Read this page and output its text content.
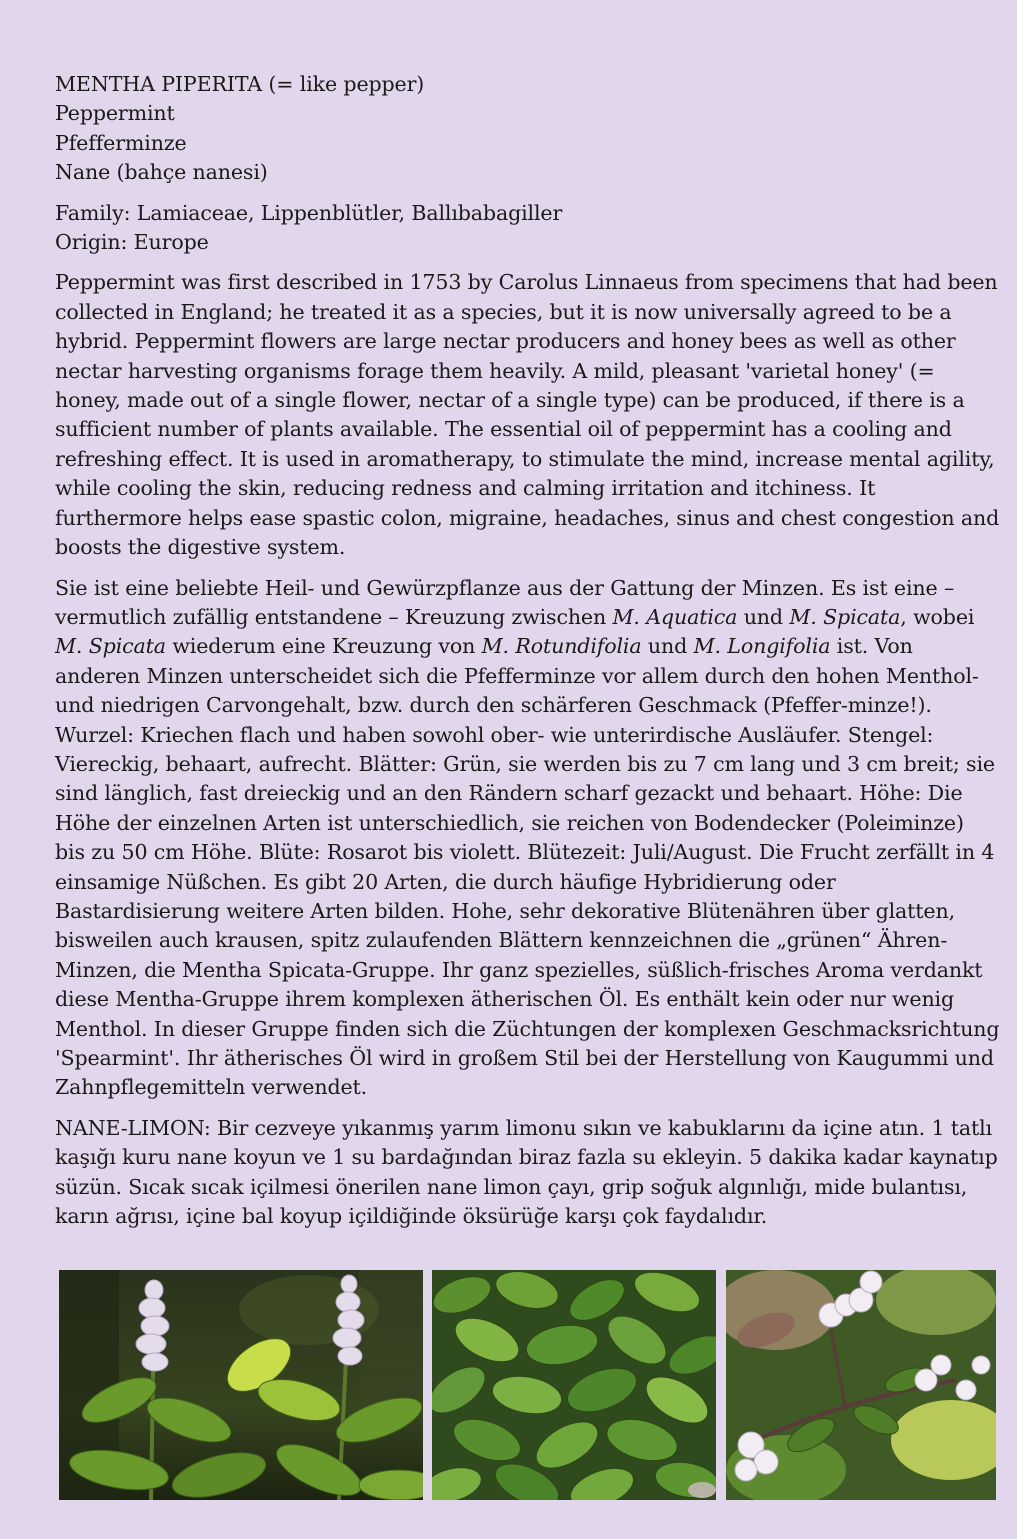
MENTHA PIPERITA (= like pepper)
Peppermint
Pfefferminze
Nane (bahçe nanesi)

Family: Lamiaceae, Lippenblütler, Ballıbabagiller
Origin: Europe

Peppermint was first described in 1753 by Carolus Linnaeus from specimens that had been collected in England; he treated it as a species, but it is now universally agreed to be a hybrid. Peppermint flowers are large nectar producers and honey bees as well as other nectar harvesting organisms forage them heavily. A mild, pleasant 'varietal honey' (= honey, made out of a single flower, nectar of a single type) can be produced, if there is a sufficient number of plants available. The essential oil of peppermint has a cooling and refreshing effect. It is used in aromatherapy, to stimulate the mind, increase mental agility, while cooling the skin, reducing redness and calming irritation and itchiness. It furthermore helps ease spastic colon, migraine, headaches, sinus and chest congestion and boosts the digestive system.

Sie ist eine beliebte Heil- und Gewürzpflanze aus der Gattung der Minzen. Es ist eine – vermutlich zufällig entstandene – Kreuzung zwischen M. Aquatica und M. Spicata, wobei M. Spicata wiederum eine Kreuzung von M. Rotundifolia und M. Longifolia ist. Von anderen Minzen unterscheidet sich die Pfefferminze vor allem durch den hohen Menthol- und niedrigen Carvongehalt, bzw. durch den schärferen Geschmack (Pfeffer-minze!). Wurzel: Kriechen flach und haben sowohl ober- wie unterirdische Ausläufer. Stengel: Viereckig, behaart, aufrecht. Blätter: Grün, sie werden bis zu 7 cm lang und 3 cm breit; sie sind länglich, fast dreieckig und an den Rändern scharf gezackt und behaart. Höhe: Die Höhe der einzelnen Arten ist unterschiedlich, sie reichen von Bodendecker (Poleiminze) bis zu 50 cm Höhe. Blüte: Rosarot bis violett. Blütezeit: Juli/August. Die Frucht zerfällt in 4 einsamige Nüßchen. Es gibt 20 Arten, die durch häufige Hybridierung oder Bastardisierung weitere Arten bilden. Hohe, sehr dekorative Blütenähren über glatten, bisweilen auch krausen, spitz zulaufenden Blättern kennzeichnen die „grünen“ Ähren-Minzen, die Mentha Spicata-Gruppe. Ihr ganz spezielles, süßlich-frisches Aroma verdankt diese Mentha-Gruppe ihrem komplexen ätherischen Öl. Es enthält kein oder nur wenig Menthol. In dieser Gruppe finden sich die Züchtungen der komplexen Geschmacksrichtung 'Spearmint'. Ihr ätherisches Öl wird in großem Stil bei der Herstellung von Kaugummi und Zahnpflegemitteln verwendet.

NANE-LIMON: Bir cezveye yıkanmış yarım limonu sıkın ve kabuklarını da içine atın. 1 tatlı kaşığı kuru nane koyun ve 1 su bardağından biraz fazla su ekleyin. 5 dakika kadar kaynatıp süzün. Sıcak sıcak içilmesi önerilen nane limon çayı, grip soğuk algınlığı, mide bulantısı, karın ağrısı, içine bal koyup içildiğinde öksürüğe karşı çok faydalıdır.
